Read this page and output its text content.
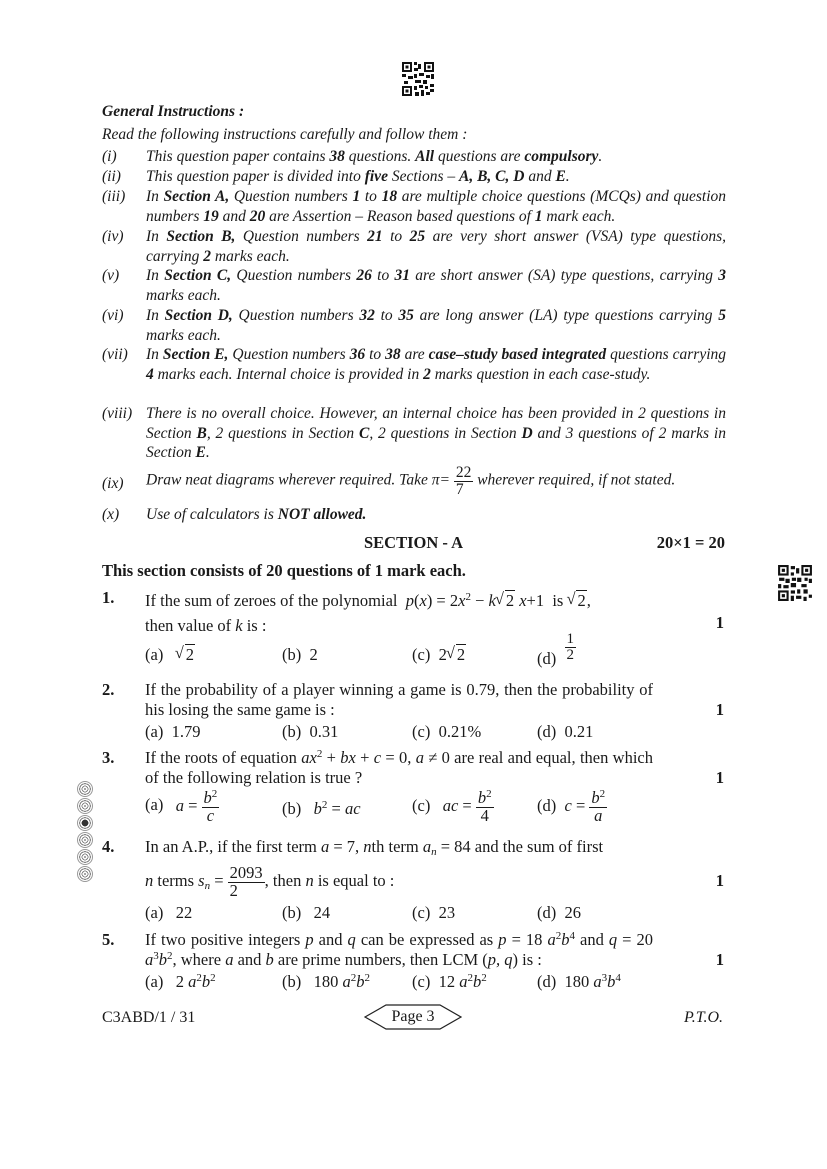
General Instructions :
Read the following instructions carefully and follow them :
(i) This question paper contains 38 questions. All questions are compulsory.
(ii) This question paper is divided into five Sections – A, B, C, D and E.
(iii) In Section A, Question numbers 1 to 18 are multiple choice questions (MCQs) and question numbers 19 and 20 are Assertion – Reason based questions of 1 mark each.
(iv) In Section B, Question numbers 21 to 25 are very short answer (VSA) type questions, carrying 2 marks each.
(v) In Section C, Question numbers 26 to 31 are short answer (SA) type questions, carrying 3 marks each.
(vi) In Section D, Question numbers 32 to 35 are long answer (LA) type questions carrying 5 marks each.
(vii) In Section E, Question numbers 36 to 38 are case–study based integrated questions carrying 4 marks each. Internal choice is provided in 2 marks question in each case-study.
(viii) There is no overall choice. However, an internal choice has been provided in 2 questions in Section B, 2 questions in Section C, 2 questions in Section D and 3 questions of 2 marks in Section E.
(ix) Draw neat diagrams wherever required. Take $\pi= \frac{22}{7}$ wherever required, if not stated.
(x) Use of calculators is NOT allowed.
SECTION - A	20×1 = 20
This section consists of 20 questions of 1 mark each.
1. If the sum of zeroes of the polynomial  $p(x) = 2x^2 - k$ √ 2 x+1  is √ 2,
then value of k is :	1
(a) √ 2	(b) 2	(c)  2 √ 2	$(d) \frac{1}{2}$
2. If the probability of a player winning a game is 0.79, then the probability of his losing the same game is :	1
(a) 1.79	(b) 0.31	(c) 0.21%	(d) 0.21
3. If the roots of equation $ax^2$ + bx + c = 0, a ≠ 0 are real and equal, then which of the following relation is true ?	1
(a) $a = \frac{b^2}{c}$	(b) $b^2$ = ac	(c) ac = $\frac{b^2}{4}$	(d) $c = \frac{b^2}{a}$
4. In an A.P., if the first term a = 7, nth term $a_n = 84$ and the sum of first
n terms $s_n = \frac{2093}{2}$ , then n is equal to :	1
(a) 22	(b) 24	(c) 23	(d) 26
5. If two positive integers p and q can be expressed as p = 18 $a^2b^4$ and q = 20 $a^3b^2$, where a and b are prime numbers, then LCM (p, q) is :	1
(a)   2 $a^2b^2$	(b)   180 $a^2b^2$	(c)  12 $a^2b^2$	(d)  180 $a^3b^4$
C3ABD/1 / 31	Page 3	P.T.O.
